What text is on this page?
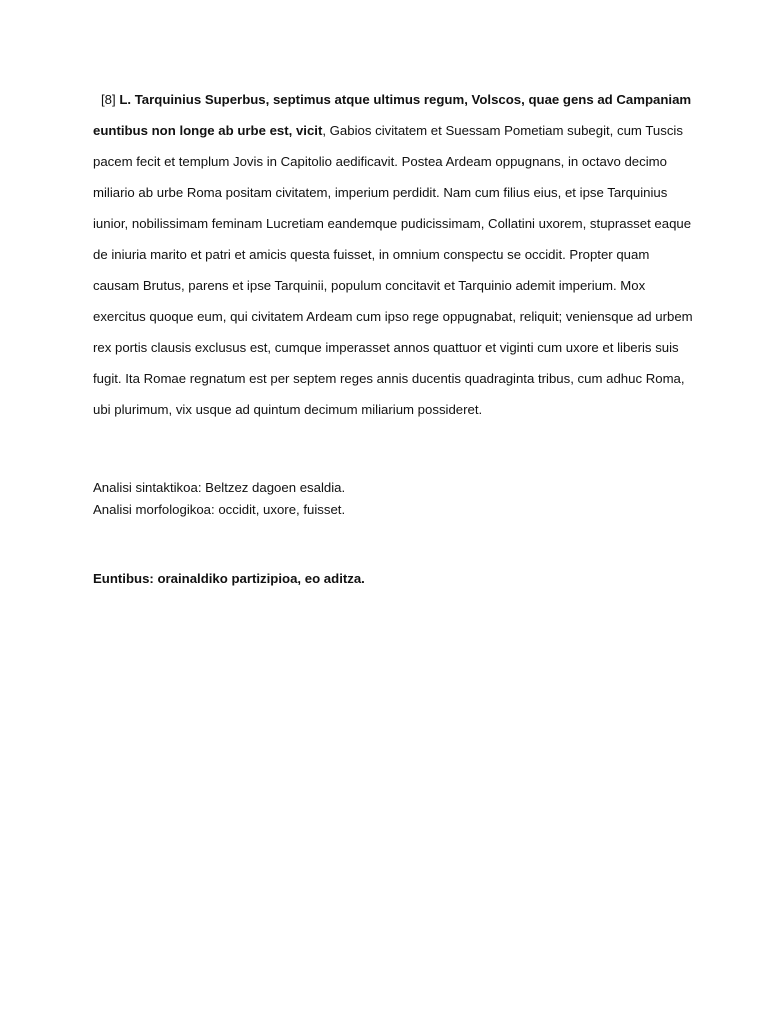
[8] L. Tarquinius Superbus, septimus atque ultimus regum, Volscos, quae gens ad Campaniam euntibus non longe ab urbe est, vicit, Gabios civitatem et Suessam Pometiam subegit, cum Tuscis pacem fecit et templum Jovis in Capitolio aedificavit. Postea Ardeam oppugnans, in octavo decimo miliario ab urbe Roma positam civitatem, imperium perdidit. Nam cum filius eius, et ipse Tarquinius iunior, nobilissimam feminam Lucretiam eandemque pudicissimam, Collatini uxorem, stuprasset eaque de iniuria marito et patri et amicis questa fuisset, in omnium conspectu se occidit. Propter quam causam Brutus, parens et ipse Tarquinii, populum concitavit et Tarquinio ademit imperium. Mox exercitus quoque eum, qui civitatem Ardeam cum ipso rege oppugnabat, reliquit; veniensque ad urbem rex portis clausis exclusus est, cumque imperasset annos quattuor et viginti cum uxore et liberis suis fugit. Ita Romae regnatum est per septem reges annis ducentis quadraginta tribus, cum adhuc Roma, ubi plurimum, vix usque ad quintum decimum miliarium possideret.

Analisi sintaktikoa: Beltzez dagoen esaldia.
Analisi morfologikoa: occidit, uxore, fuisset.

Euntibus: orainaldiko partizipioa, eo aditza.
